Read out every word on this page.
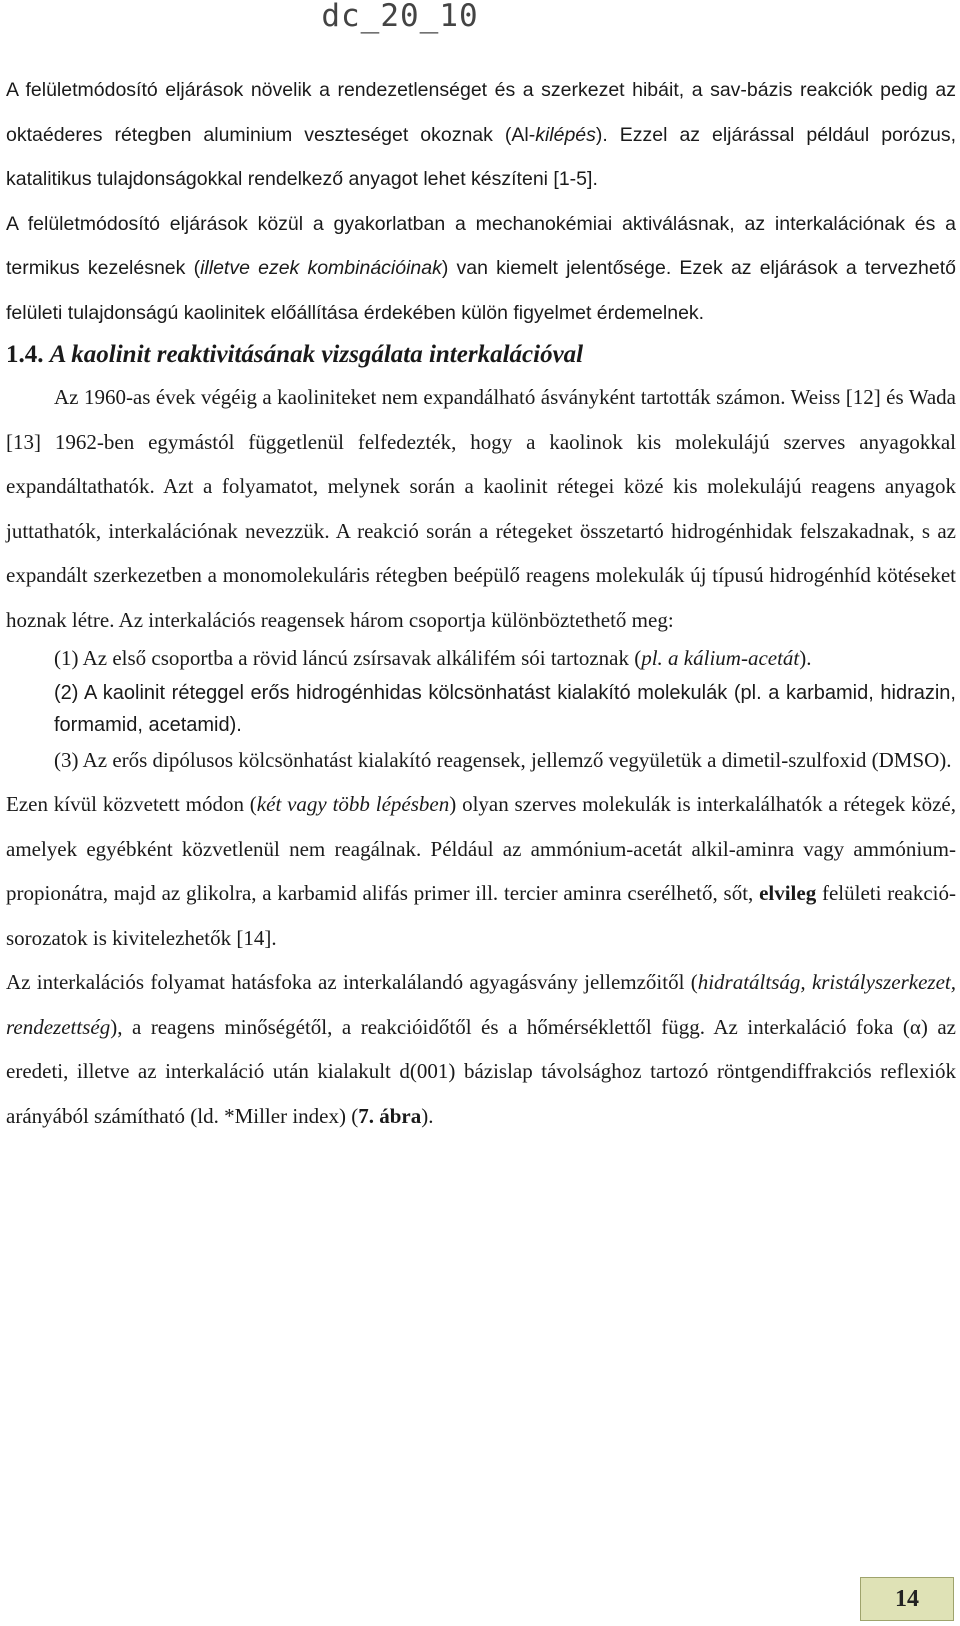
dc_20_10

A felületmódosító eljárások növelik a rendezetlenséget és a szerkezet hibáit, a sav-bázis reakciók pedig az oktaéderes rétegben aluminium veszteséget okoznak (Al-kilépés). Ezzel az eljárással például porózus, katalitikus tulajdonságokkal rendelkező anyagot lehet készíteni [1-5].

A felületmódosító eljárások közül a gyakorlatban a mechanokémiai aktiválásnak, az interkalációnak és a termikus kezelésnek (illetve ezek kombinációinak) van kiemelt jelentősége. Ezek az eljárások a tervezhető felületi tulajdonságú kaolinitek előállítása érdekében külön figyelmet érdemelnek.

1.4. A kaolinit reaktivitásának vizsgálata interkalációval

Az 1960-as évek végéig a kaoliniteket nem expandálható ásványként tartották számon. Weiss [12] és Wada [13] 1962-ben egymástól függetlenül felfedezték, hogy a kaolinok kis molekulájú szerves anyagokkal expandáltathatók. Azt a folyamatot, melynek során a kaolinit rétegei közé kis molekulájú reagens anyagok juttathatók, interkalációnak nevezzük. A reakció során a rétegeket összetartó hidrogénhidak felszakadnak, s az expandált szerkezetben a monomolekuláris rétegben beépülő reagens molekulák új típusú hidrogénhíd kötéseket hoznak létre. Az interkalációs reagensek három csoportja különböztethető meg:

(1) Az első csoportba a rövid láncú zsírsavak alkálifém sói tartoznak (pl. a kálium-acetát).
(2) A kaolinit réteggel erős hidrogénhidas kölcsönhatást kialakító molekulák (pl. a karbamid, hidrazin, formamid, acetamid).
(3) Az erős dipólusos kölcsönhatást kialakító reagensek, jellemző vegyületük a dimetil-szulfoxid (DMSO).

Ezen kívül közvetett módon (két vagy több lépésben) olyan szerves molekulák is interkalálhatók a rétegek közé, amelyek egyébként közvetlenül nem reagálnak. Például az ammónium-acetát alkil-aminra vagy ammónium-propionátra, majd az glikolra, a karbamid alifás primer ill. tercier aminra cserélhető, sőt, elvileg felületi reakció-sorozatok is kivitelezhetők [14].

Az interkalációs folyamat hatásfoka az interkalálandó agyagásvány jellemzőitől (hidratáltság, kristályszerkezet, rendezettség), a reagens minőségétől, a reakcióidőtől és a hőmérséklettől függ. Az interkaláció foka (α) az eredeti, illetve az interkaláció után kialakult d(001) bázislap távolsághoz tartozó röntgendiffrakciós reflexiók arányából számítható (ld. *Miller index) (7. ábra).

14
